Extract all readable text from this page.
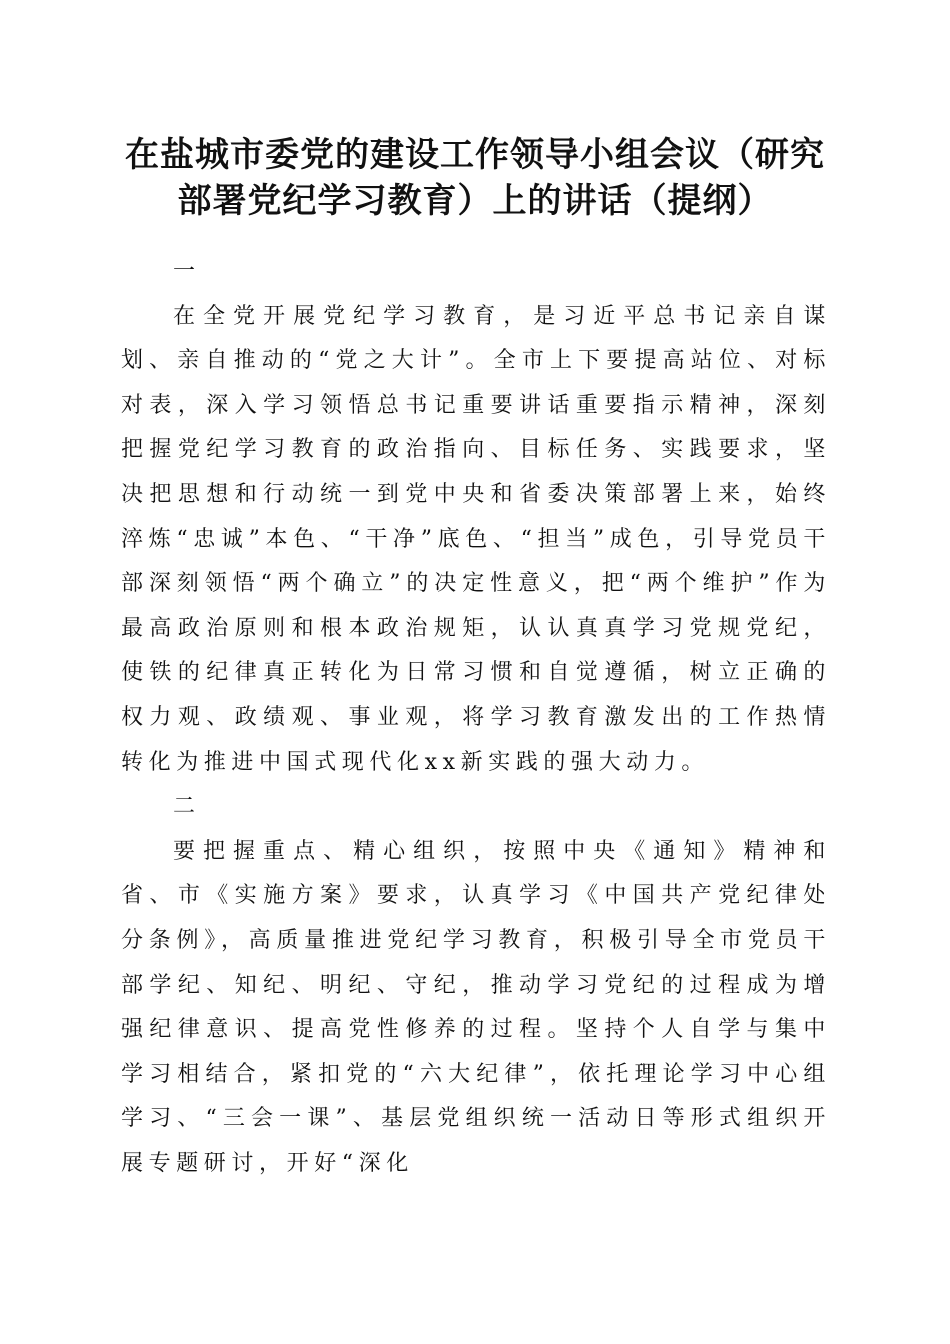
在盐城市委党的建设工作领导小组会议（研究
部署党纪学习教育）上的讲话（提纲）

一

在全党开展党纪学习教育，是习近平总书记亲自谋划、亲自推动的“党之大计”。全市上下要提高站位、对标对表，深入学习领悟总书记重要讲话重要指示精神，深刻把握党纪学习教育的政治指向、目标任务、实践要求，坚决把思想和行动统一到党中央和省委决策部署上来，始终淬炼“忠诚”本色、“干净”底色、“担当”成色，引导党员干部深刻领悟“两个确立”的决定性意义，把“两个维护”作为最高政治原则和根本政治规矩，认认真真学习党规党纪，使铁的纪律真正转化为日常习惯和自觉遵循，树立正确的权力观、政绩观、事业观，将学习教育激发出的工作热情转化为推进中国式现代化xx新实践的强大动力。

二

要把握重点、精心组织，按照中央《通知》精神和省、市《实施方案》要求，认真学习《中国共产党纪律处分条例》，高质量推进党纪学习教育，积极引导全市党员干部学纪、知纪、明纪、守纪，推动学习党纪的过程成为增强纪律意识、提高党性修养的过程。坚持个人自学与集中学习相结合，紧扣党的“六大纪律”，依托理论学习中心组学习、“三会一课”、基层党组织统一活动日等形式组织开展专题研讨，开好“深化
